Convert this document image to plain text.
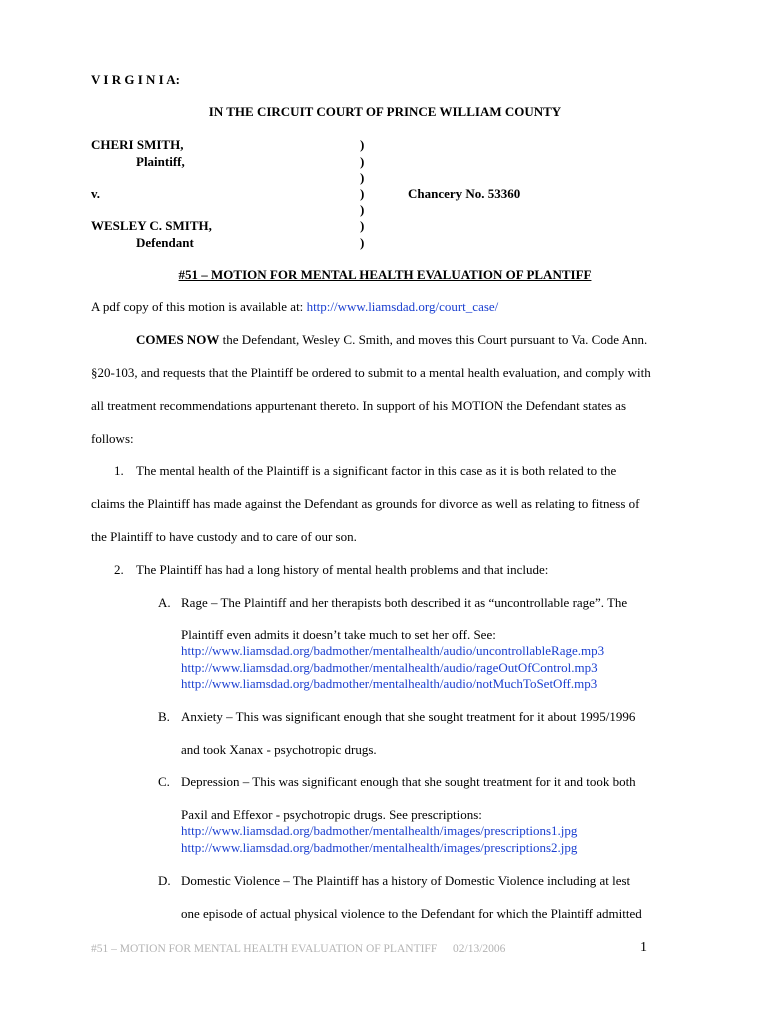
V I R G I N I A:
IN THE CIRCUIT COURT OF PRINCE WILLIAM COUNTY
CHERI SMITH,
Plaintiff,
v.
WESLEY C. SMITH,
Defendant
)
)
)
)
)
)
)
Chancery No. 53360
#51 – MOTION FOR MENTAL HEALTH EVALUATION OF PLANTIFF
A pdf copy of this motion is available at: http://www.liamsdad.org/court_case/
COMES NOW the Defendant, Wesley C. Smith, and moves this Court pursuant to Va. Code Ann.
§20-103, and requests that the Plaintiff be ordered to submit to a mental health evaluation, and comply with
all treatment recommendations appurtenant thereto. In support of his MOTION the Defendant states as
follows:
1. The mental health of the Plaintiff is a significant factor in this case as it is both related to the
claims the Plaintiff has made against the Defendant as grounds for divorce as well as relating to fitness of
the Plaintiff to have custody and to care of our son.
2. The Plaintiff has had a long history of mental health problems and that include:
A. Rage – The Plaintiff and her therapists both described it as “uncontrollable rage”. The
Plaintiff even admits it doesn’t take much to set her off. See:
http://www.liamsdad.org/badmother/mentalhealth/audio/uncontrollableRage.mp3
http://www.liamsdad.org/badmother/mentalhealth/audio/rageOutOfControl.mp3
http://www.liamsdad.org/badmother/mentalhealth/audio/notMuchToSetOff.mp3
B. Anxiety – This was significant enough that she sought treatment for it about 1995/1996
and took Xanax - psychotropic drugs.
C. Depression – This was significant enough that she sought treatment for it and took both
Paxil and Effexor - psychotropic drugs. See prescriptions:
http://www.liamsdad.org/badmother/mentalhealth/images/prescriptions1.jpg
http://www.liamsdad.org/badmother/mentalhealth/images/prescriptions2.jpg
D. Domestic Violence – The Plaintiff has a history of Domestic Violence including at lest
one episode of actual physical violence to the Defendant for which the Plaintiff admitted
#51 – MOTION FOR MENTAL HEALTH EVALUATION OF PLANTIFF 02/13/2006	1
